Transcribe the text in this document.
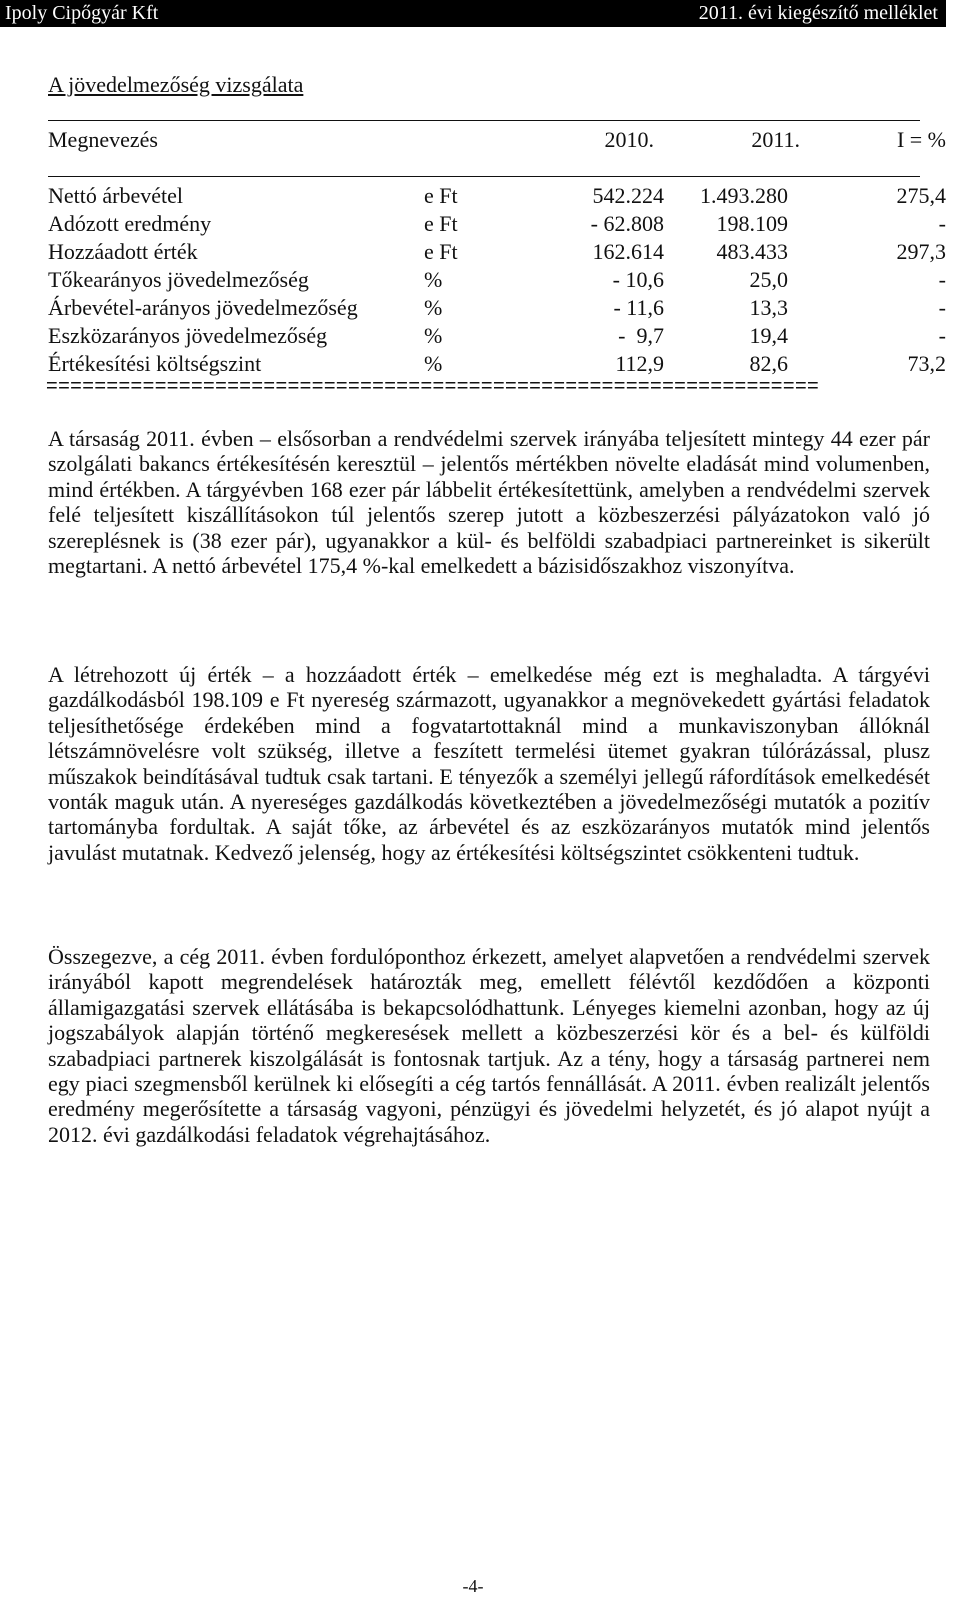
Ipoly Cipőgyár Kft	2011. évi kiegészítő melléklet
A jövedelmezőség vizsgálata
Megnevezés	2010.	2011.	I = %
Nettó árbevétel	e Ft	542.224	1.493.280	275,4
Adózott eredmény	e Ft	- 62.808	198.109	-
Hozzáadott érték	e Ft	162.614	483.433	297,3
Tőkearányos jövedelmezőség	%	- 10,6	25,0	-
Árbevétel-arányos jövedelmezőség	%	- 11,6	13,3	-
Eszközarányos jövedelmezőség	%	-  9,7	19,4	-
Értékesítési költségszint	%	112,9	82,6	73,2
================================================================

A társaság 2011. évben – elsősorban a rendvédelmi szervek irányába teljesített mintegy 44 ezer pár szolgálati bakancs értékesítésén keresztül – jelentős mértékben növelte eladását mind volumenben, mind értékben. A tárgyévben 168 ezer pár lábbelit értékesítettünk, amelyben a rendvédelmi szervek felé teljesített kiszállításokon túl jelentős szerep jutott a közbeszerzési pályázatokon való jó szereplésnek is (38 ezer pár), ugyanakkor a kül- és belföldi szabadpiaci partnereinket is sikerült megtartani. A nettó árbevétel 175,4 %-kal emelkedett a bázisidőszakhoz viszonyítva.

A létrehozott új érték – a hozzáadott érték – emelkedése még ezt is meghaladta. A tárgyévi gazdálkodásból 198.109 e Ft nyereség származott, ugyanakkor a megnövekedett gyártási feladatok teljesíthetősége érdekében mind a fogvatartottaknál mind a munkaviszonyban állóknál létszámnövelésre volt szükség, illetve a feszített termelési ütemet gyakran túlórázással, plusz műszakok beindításával tudtuk csak tartani. E tényezők a személyi jellegű ráfordítások emelkedését vonták maguk után. A nyereséges gazdálkodás következtében a jövedelmezőségi mutatók a pozitív tartományba fordultak. A saját tőke, az árbevétel és az eszközarányos mutatók mind jelentős javulást mutatnak. Kedvező jelenség, hogy az értékesítési költségszintet csökkenteni tudtuk.

Összegezve, a cég 2011. évben fordulóponthoz érkezett, amelyet alapvetően a rendvédelmi szervek irányából kapott megrendelések határozták meg, emellett félévtől kezdődően a központi államigazgatási szervek ellátásába is bekapcsolódhattunk. Lényeges kiemelni azonban, hogy az új jogszabályok alapján történő megkeresések mellett a közbeszerzési kör és a bel- és külföldi szabadpiaci partnerek kiszolgálását is fontosnak tartjuk. Az a tény, hogy a társaság partnerei nem egy piaci szegmensből kerülnek ki elősegíti a cég tartós fennállását. A 2011. évben realizált jelentős eredmény megerősítette a társaság vagyoni, pénzügyi és jövedelmi helyzetét, és jó alapot nyújt a 2012. évi gazdálkodási feladatok végrehajtásához.

-4-
